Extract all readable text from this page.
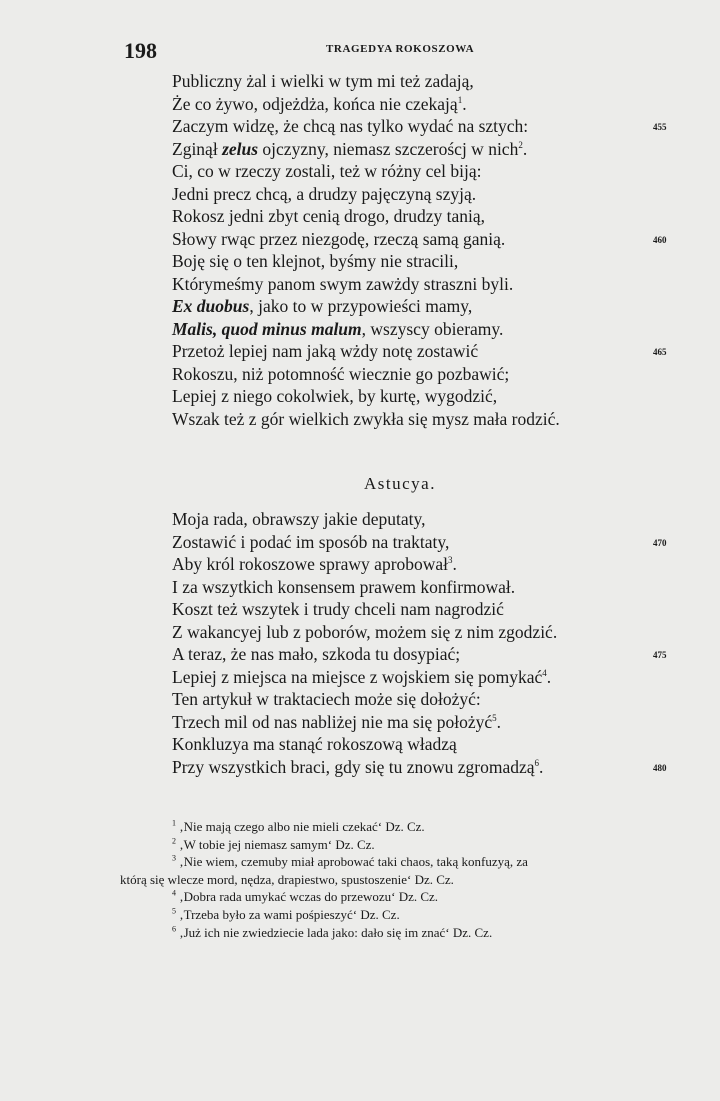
198	TRAGEDYA ROKOSZOWA
Publiczny żal i wielki w tym mi też zadają,
Że co żywo, odjeżdża, końca nie czekają$^1$.
Zaczym widzę, że chcą nas tylko wydać na sztych:	455
Zginął zelus ojczyzny, niemasz szczeroścj w nich$^2$.
Ci, co w rzeczy zostali, też w różny cel biją:
Jedni precz chcą, a drudzy pajęczyną szyją.
Rokosz jedni zbyt cenią drogo, drudzy tanią,
Słowy rwąc przez niezgodę, rzeczą samą ganią.	460
Boję się o ten klejnot, byśmy nie stracili,
Którymeśmy panom swym zawżdy straszni byli.
Ex duobus, jako to w przypowieści mamy,
Malis, quod minus malum, wszyscy obieramy.
Przetoż lepiej nam jaką wżdy notę zostawić	465
Rokoszu, niż potomność wiecznie go pozbawić;
Lepiej z niego cokolwiek, by kurtę, wygodzić,
Wszak też z gór wielkich zwykła się mysz mała rodzić.
Astucya.
Moja rada, obrawszy jakie deputaty,
Zostawić i podać im sposób na traktaty,	470
Aby król rokoszowe sprawy aprobował$^3$.
I za wszytkich konsensem prawem konfirmował.
Koszt też wszytek i trudy chceli nam nagrodzić
Z wakancyej lub z poborów, możem się z nim zgodzić.
A teraz, że nas mało, szkoda tu dosypiać;	475
Lepiej z miejsca na miejsce z wojskiem się pomykać$^4$.
Ten artykuł w traktaciech może się dołożyć:
Trzech mil od nas nabliżej nie ma się położyć$^5$.
Konkluzya ma stanąć rokoszową władzą
Przy wszystkich braci, gdy się tu znowu zgromadzą$^6$.	480
$^1$ ‚Nie mają czego albo nie mieli czekać‘ Dz. Cz.
$^2$ ‚W tobie jej niemasz samym‘ Dz. Cz.
$^3$ ‚Nie wiem, czemuby miał aprobować taki chaos, taką konfuzyą, za
którą się wlecze mord, nędza, drapiestwo, spustoszenie‘ Dz. Cz.
$^4$ ‚Dobra rada umykać wczas do przewozu‘ Dz. Cz.
$^5$ ‚Trzeba było za wami pośpieszyć‘ Dz. Cz.
$^6$ ‚Już ich nie zwiedziecie lada jako: dało się im znać‘ Dz. Cz.
